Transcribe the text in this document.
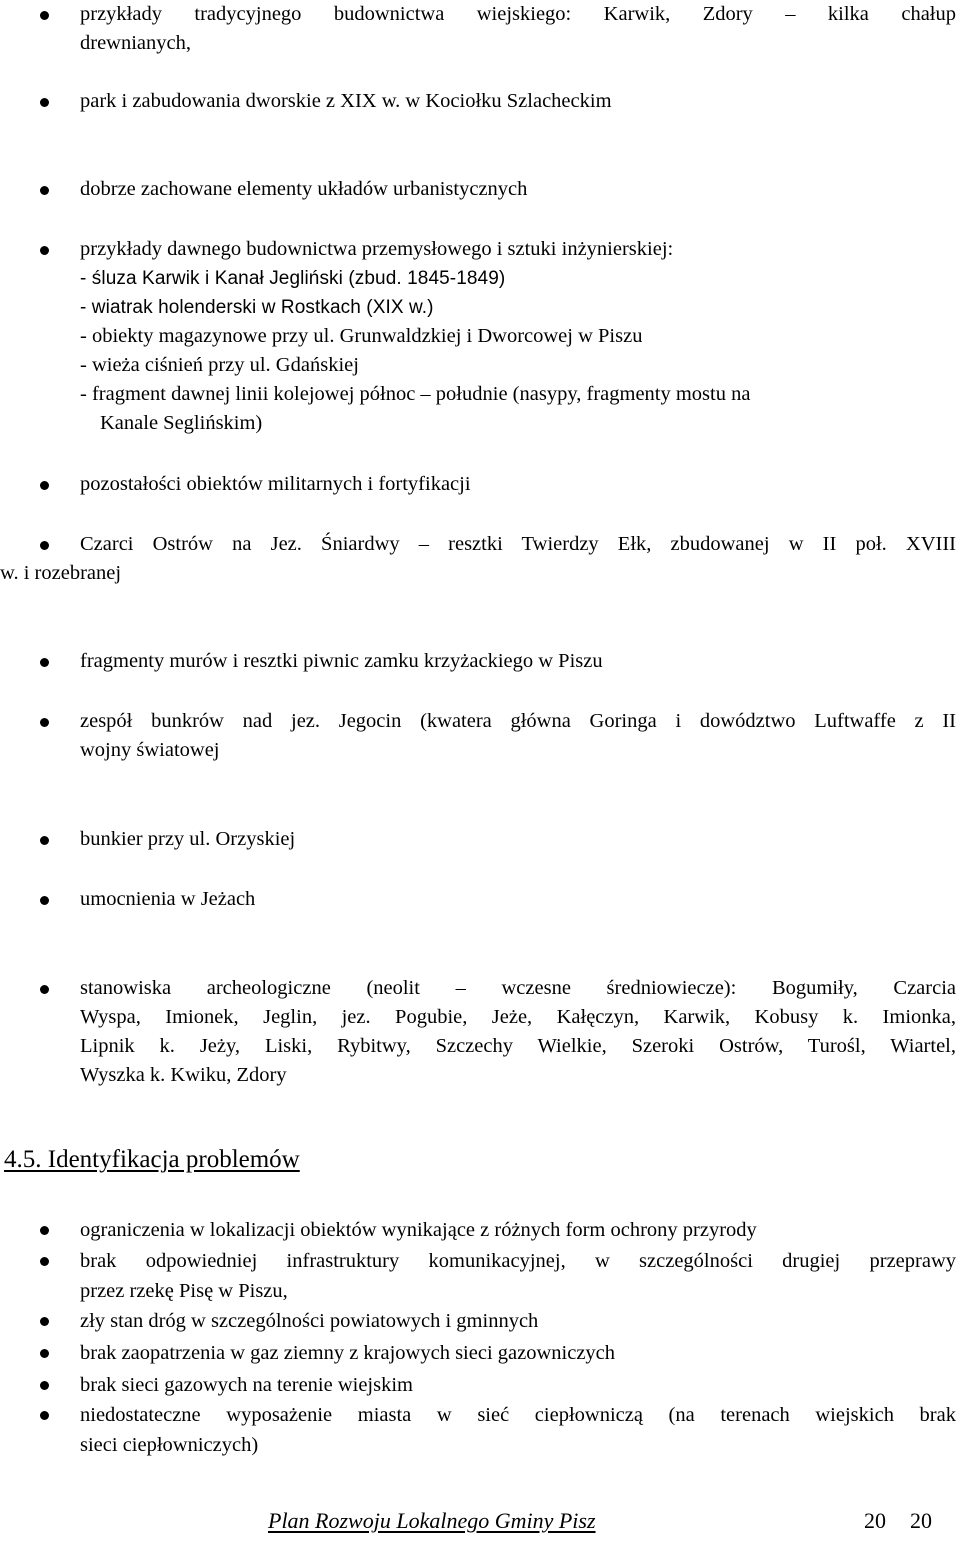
przykłady tradycyjnego budownictwa wiejskiego: Karwik, Zdory – kilka chałup
drewnianych,
park i zabudowania dworskie z XIX w. w Kociołku Szlacheckim
dobrze zachowane elementy układów urbanistycznych
przykłady dawnego budownictwa przemysłowego i sztuki inżynierskiej:
- śluza Karwik i Kanał Jegliński (zbud. 1845-1849)
- wiatrak holenderski w Rostkach (XIX w.)
- obiekty magazynowe przy ul. Grunwaldzkiej i Dworcowej w Piszu
- wieża ciśnień przy ul. Gdańskiej
- fragment dawnej linii kolejowej północ – południe (nasypy, fragmenty mostu na
Kanale Seglińskim)
pozostałości obiektów militarnych i fortyfikacji
Czarci Ostrów na Jez. Śniardwy – resztki Twierdzy Ełk, zbudowanej w II poł. XVIII
w. i rozebranej
fragmenty murów i resztki piwnic zamku krzyżackiego w Piszu
zespół bunkrów nad jez. Jegocin (kwatera główna Goringa i dowództwo Luftwaffe z II
wojny światowej
bunkier przy ul. Orzyskiej
umocnienia w Jeżach
stanowiska archeologiczne (neolit – wczesne średniowiecze): Bogumiły, Czarcia
Wyspa, Imionek, Jeglin, jez. Pogubie, Jeże, Kałęczyn, Karwik, Kobusy k. Imionka,
Lipnik k. Jeży, Liski, Rybitwy, Szczechy Wielkie, Szeroki Ostrów, Turośl, Wiartel,
Wyszka k. Kwiku, Zdory
4.5. Identyfikacja problemów
ograniczenia w lokalizacji obiektów wynikające z różnych form ochrony przyrody
brak odpowiedniej infrastruktury komunikacyjnej, w szczególności drugiej przeprawy
przez rzekę Pisę w Piszu,
zły stan dróg w szczególności powiatowych i gminnych
brak zaopatrzenia w gaz ziemny z krajowych sieci gazowniczych
brak sieci gazowych na terenie wiejskim
niedostateczne wyposażenie miasta w sieć ciepłowniczą (na terenach wiejskich brak
sieci ciepłowniczych)
Plan Rozwoju Lokalnego Gminy Pisz	20 20
